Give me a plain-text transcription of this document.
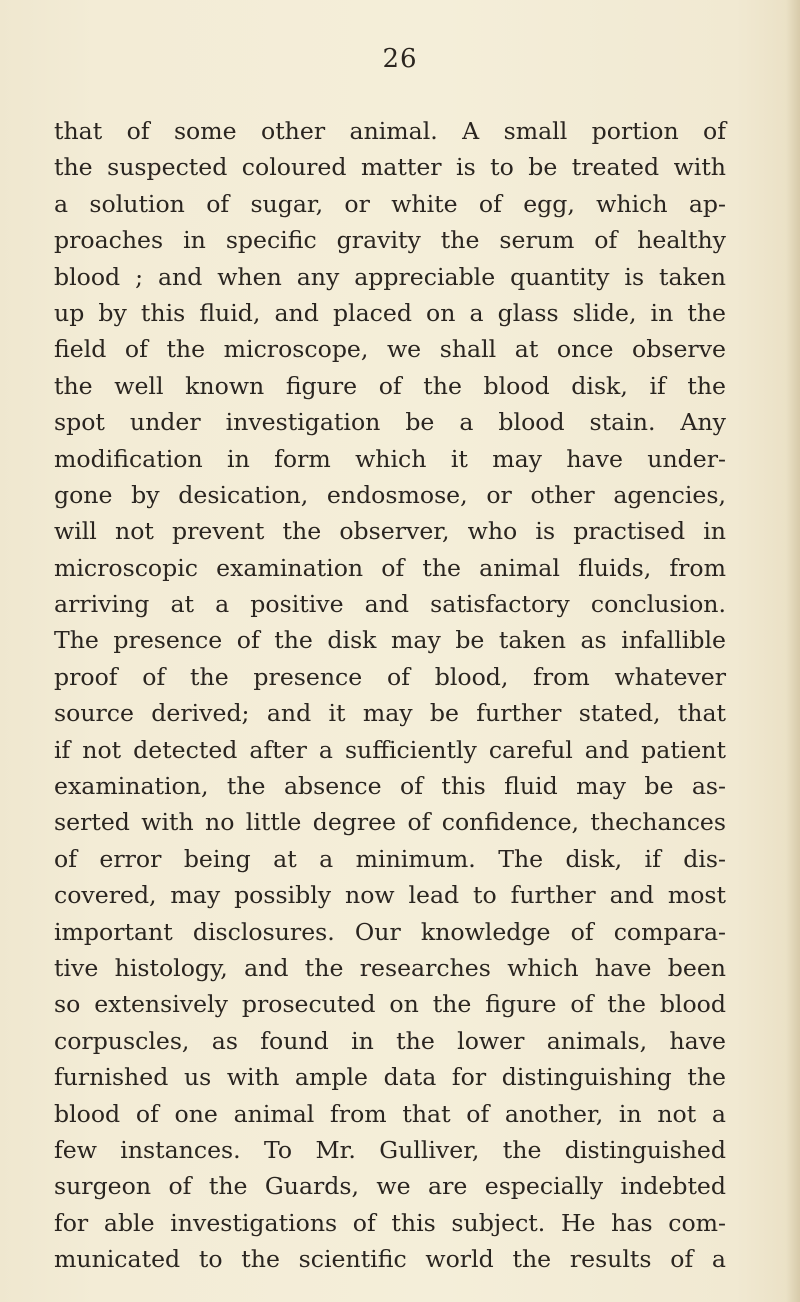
26
that of some other animal. A small portion of
the suspected coloured matter is to be treated with
a solution of sugar, or white of egg, which ap-
proaches in specific gravity the serum of healthy
blood ; and when any appreciable quantity is taken
up by this fluid, and placed on a glass slide, in the
field of the microscope, we shall at once observe
the well known figure of the blood disk, if the
spot under investigation be a blood stain. Any
modification in form which it may have under-
gone by desication, endosmose, or other agencies,
will not prevent the observer, who is practised in
microscopic examination of the animal fluids, from
arriving at a positive and satisfactory conclusion.
The presence of the disk may be taken as infallible
proof of the presence of blood, from whatever
source derived; and it may be further stated, that
if not detected after a sufficiently careful and patient
examination, the absence of this fluid may be as-
serted with no little degree of confidence, thechances
of error being at a minimum. The disk, if dis-
covered, may possibly now lead to further and most
important disclosures. Our knowledge of compara-
tive histology, and the researches which have been
so extensively prosecuted on the figure of the blood
corpuscles, as found in the lower animals, have
furnished us with ample data for distinguishing the
blood of one animal from that of another, in not a
few instances. To Mr. Gulliver, the distinguished
surgeon of the Guards, we are especially indebted
for able investigations of this subject. He has com-
municated to the scientific world the results of a
